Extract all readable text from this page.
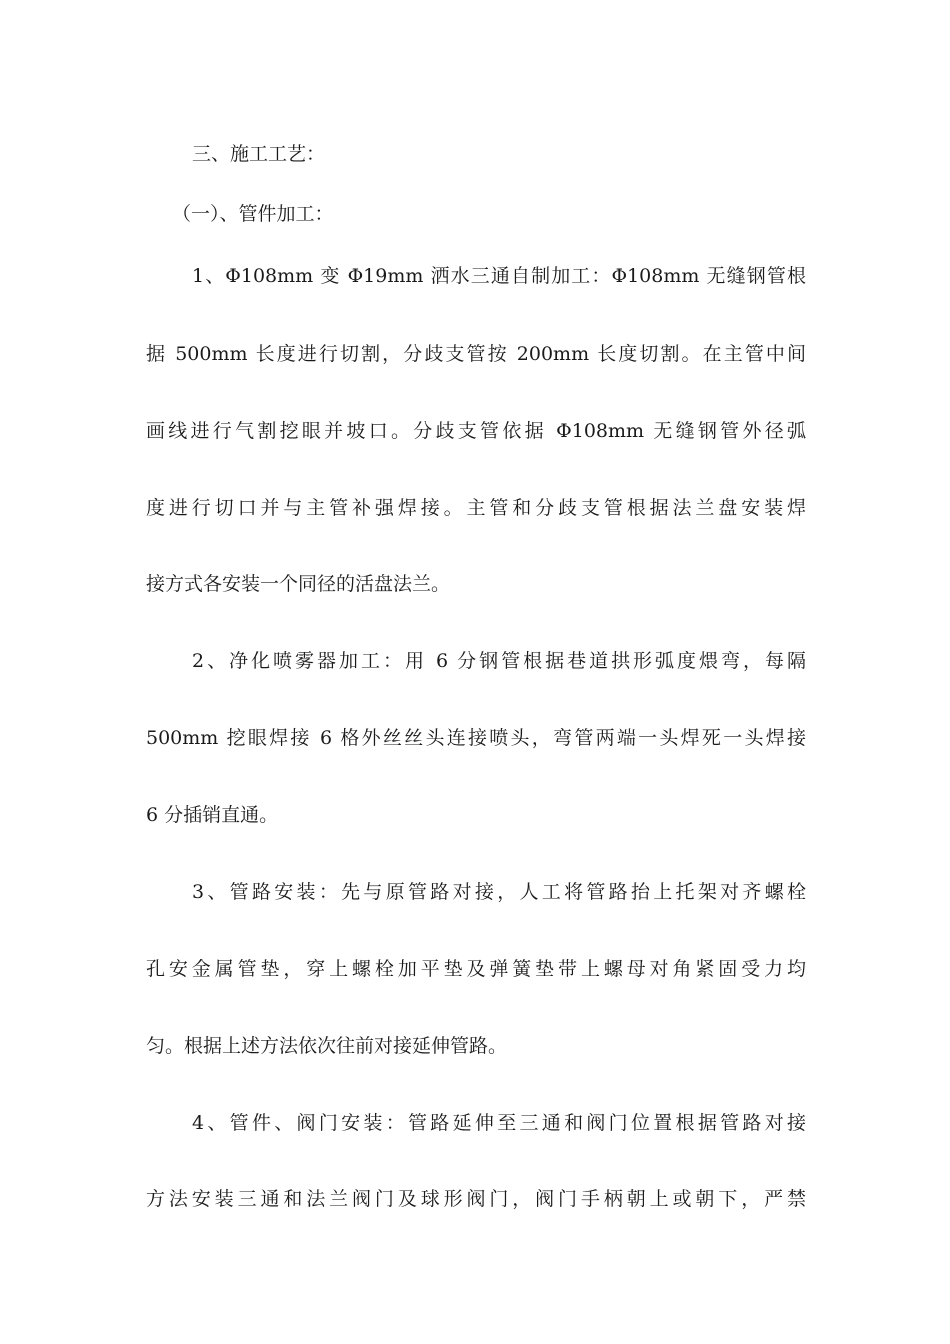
三、施工工艺：
（一）、管件加工：
1、Φ108mm 变 Φ19mm 洒水三通自制加工：Φ108mm 无缝钢管根
据 500mm 长度进行切割，分歧支管按 200mm 长度切割。在主管中间
画线进行气割挖眼并坡口。分歧支管依据 Φ108mm 无缝钢管外径弧
度进行切口并与主管补强焊接。主管和分歧支管根据法兰盘安装焊
接方式各安装一个同径的活盘法兰。
2、净化喷雾器加工：用 6 分钢管根据巷道拱形弧度煨弯，每隔
500mm 挖眼焊接 6 格外丝丝头连接喷头，弯管两端一头焊死一头焊接
6 分插销直通。
3、管路安装：先与原管路对接，人工将管路抬上托架对齐螺栓
孔安金属管垫，穿上螺栓加平垫及弹簧垫带上螺母对角紧固受力均
匀。根据上述方法依次往前对接延伸管路。
4、管件、阀门安装：管路延伸至三通和阀门位置根据管路对接
方法安装三通和法兰阀门及球形阀门，阀门手柄朝上或朝下，严禁
